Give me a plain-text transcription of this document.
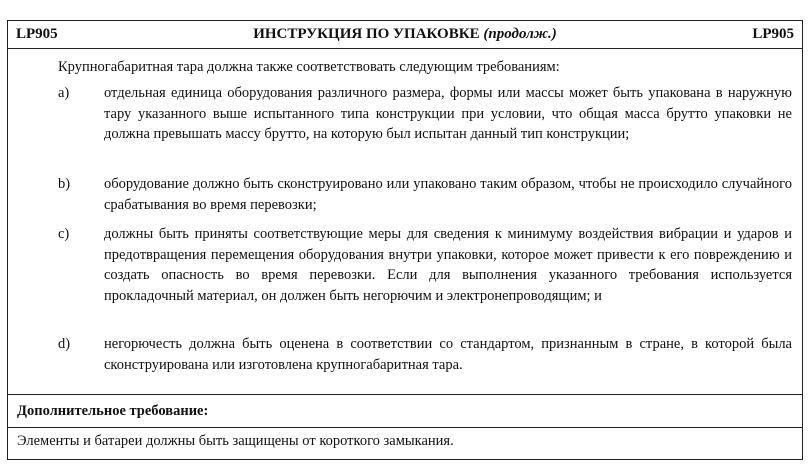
LP905	ИНСТРУКЦИЯ ПО УПАКОВКЕ (продолж.)	LP905
Крупногабаритная тара должна также соответствовать следующим требованиям:
a) отдельная единица оборудования различного размера, формы или массы может быть упакована в наружную тару указанного выше испытанного типа конструкции при условии, что общая масса брутто упаковки не должна превышать массу брутто, на которую был испытан данный тип конструкции;
b) оборудование должно быть сконструировано или упаковано таким образом, чтобы не происходило случайного срабатывания во время перевозки;
c) должны быть приняты соответствующие меры для сведения к минимуму воздействия вибрации и ударов и предотвращения перемещения оборудования внутри упаковки, которое может привести к его повреждению и создать опасность во время перевозки. Если для выполнения указанного требования используется прокладочный материал, он должен быть негорючим и электронепроводящим; и
d) негорючесть должна быть оценена в соответствии со стандартом, признанным в стране, в которой была сконструирована или изготовлена крупногабаритная тара.
Дополнительное требование:
Элементы и батареи должны быть защищены от короткого замыкания.
